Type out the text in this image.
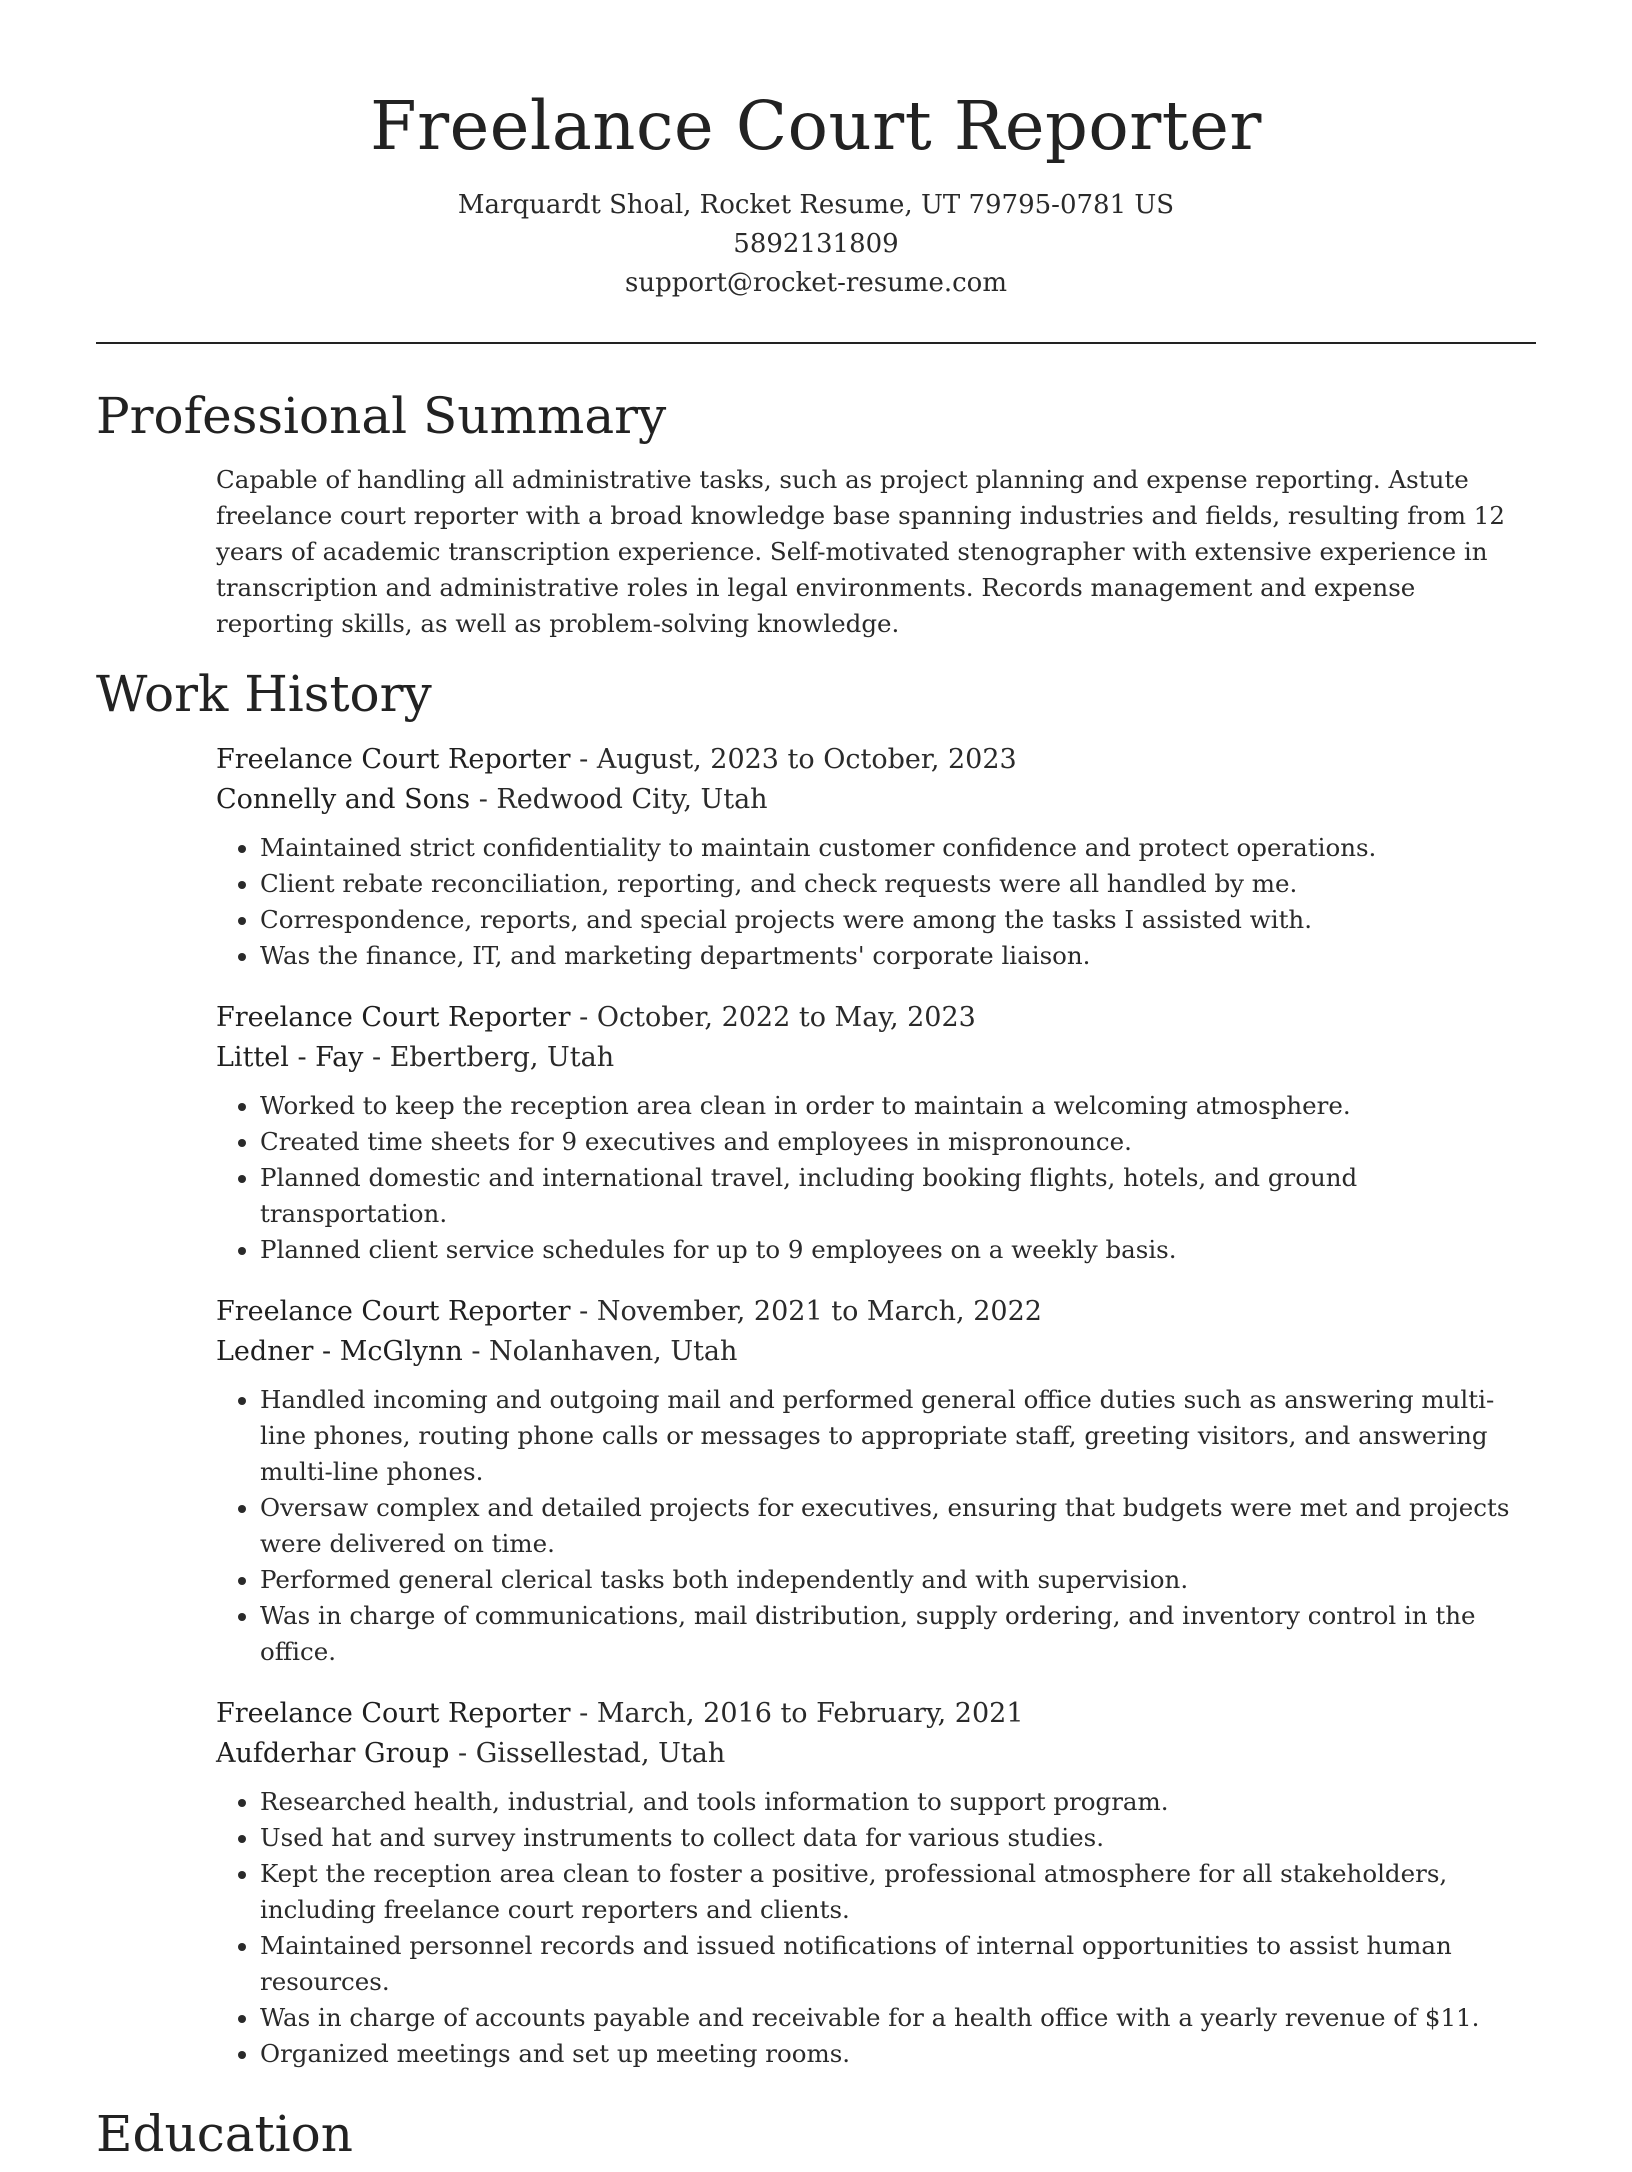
Freelance Court Reporter
Marquardt Shoal, Rocket Resume, UT 79795-0781 US
5892131809
support@rocket-resume.com
Professional Summary

Capable of handling all administrative tasks, such as project planning and expense reporting. Astute freelance court reporter with a broad knowledge base spanning industries and fields, resulting from 12 years of academic transcription experience. Self-motivated stenographer with extensive experience in transcription and administrative roles in legal environments. Records management and expense reporting skills, as well as problem-solving knowledge.

Work History
Freelance Court Reporter - August, 2023 to October, 2023
Connelly and Sons - Redwood City, Utah
• Maintained strict confidentiality to maintain customer confidence and protect operations.
• Client rebate reconciliation, reporting, and check requests were all handled by me.
• Correspondence, reports, and special projects were among the tasks I assisted with.
• Was the finance, IT, and marketing departments' corporate liaison.
Freelance Court Reporter - October, 2022 to May, 2023
Littel - Fay - Ebertberg, Utah
• Worked to keep the reception area clean in order to maintain a welcoming atmosphere.
• Created time sheets for 9 executives and employees in mispronounce.
• Planned domestic and international travel, including booking flights, hotels, and ground transportation.
• Planned client service schedules for up to 9 employees on a weekly basis.
Freelance Court Reporter - November, 2021 to March, 2022
Ledner - McGlynn - Nolanhaven, Utah
• Handled incoming and outgoing mail and performed general office duties such as answering multi-line phones, routing phone calls or messages to appropriate staff, greeting visitors, and answering multi-line phones.
• Oversaw complex and detailed projects for executives, ensuring that budgets were met and projects were delivered on time.
• Performed general clerical tasks both independently and with supervision.
• Was in charge of communications, mail distribution, supply ordering, and inventory control in the office.
Freelance Court Reporter - March, 2016 to February, 2021
Aufderhar Group - Gissellestad, Utah
• Researched health, industrial, and tools information to support program.
• Used hat and survey instruments to collect data for various studies.
• Kept the reception area clean to foster a positive, professional atmosphere for all stakeholders, including freelance court reporters and clients.
• Maintained personnel records and issued notifications of internal opportunities to assist human resources.
• Was in charge of accounts payable and receivable for a health office with a yearly revenue of $11.
• Organized meetings and set up meeting rooms.
Education
